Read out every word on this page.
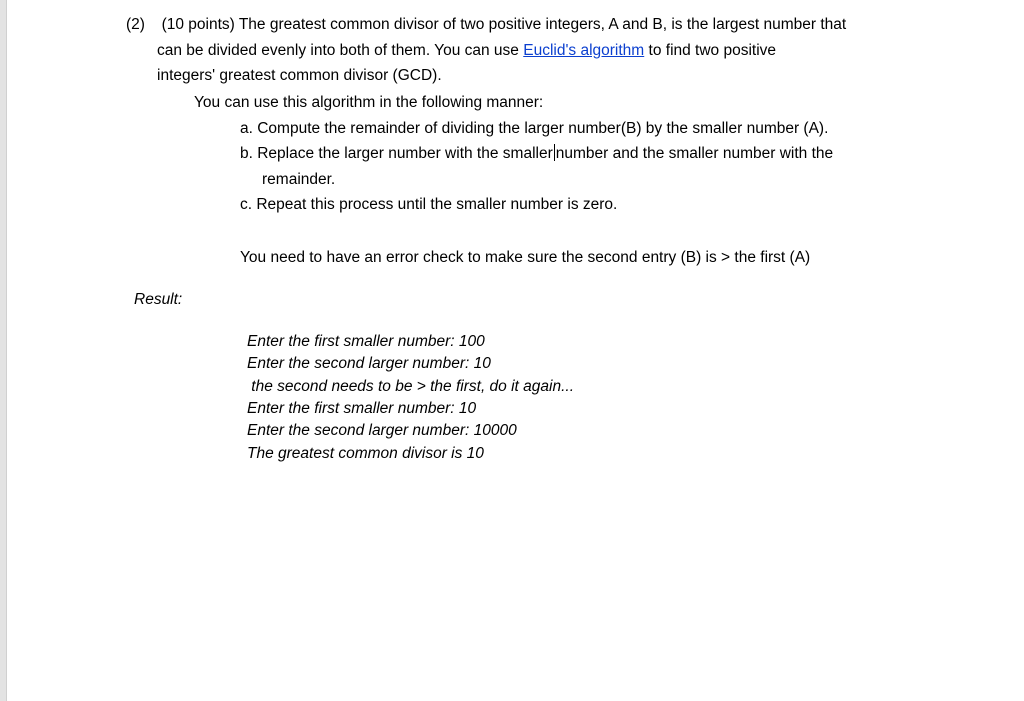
(2) (10 points) The greatest common divisor of two positive integers, A and B, is the largest number that
can be divided evenly into both of them. You can use Euclid's algorithm to find two positive
integers' greatest common divisor (GCD).
You can use this algorithm in the following manner:
a. Compute the remainder of dividing the larger number(B) by the smaller number (A).
b. Replace the larger number with the smaller number and the smaller number with the
remainder.
c. Repeat this process until the smaller number is zero.
You need to have an error check to make sure the second entry (B) is > the first (A)
Result:
Enter the first smaller number: 100
Enter the second larger number: 10
the second needs to be > the first, do it again...
Enter the first smaller number: 10
Enter the second larger number: 10000
The greatest common divisor is 10
